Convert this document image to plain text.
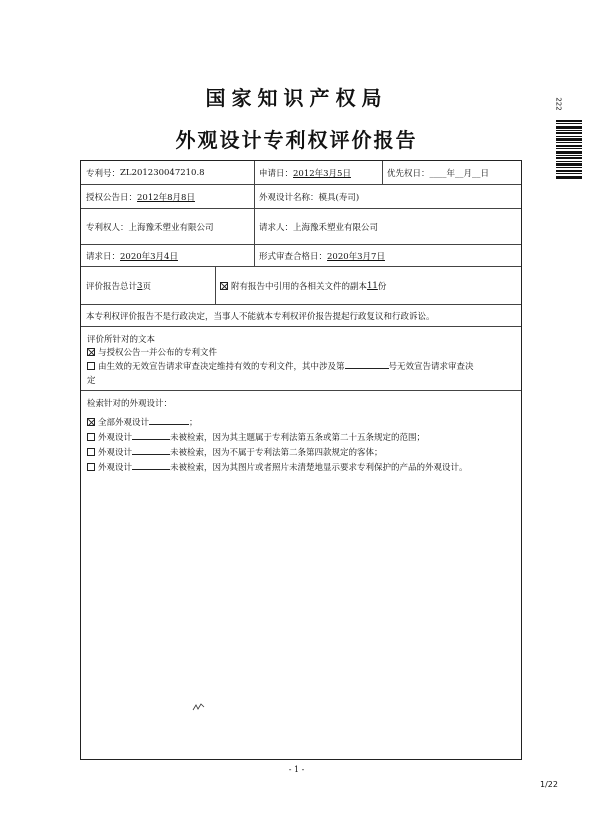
国家知识产权局
外观设计专利权评价报告
222
专利号： ZL201230047210.8	申请日： 2012年3月5日	优先权日： ____年__月__日
授权公告日： 2012年8月8日	外观设计名称： 模具(寿司)
专利权人： 上海豫禾塑业有限公司	请求人： 上海豫禾塑业有限公司
请求日： 2020年3月4日	形式审查合格日： 2020年3月7日
评价报告总计 3 页	附有报告中引用的各相关文件的副本 11 份
本专利权评价报告不是行政决定，当事人不能就本专利权评价报告提起行政复议和行政诉讼。
评价所针对的文本
与授权公告一并公布的专利文件
由生效的无效宣告请求审查决定维持有效的专利文件，其中涉及第	号无效宣告请求审查决
定
检索针对的外观设计：
全部外观设计	；
外观设计	未被检索，因为其主题属于专利法第五条或第二十五条规定的范围；
外观设计	未被检索，因为不属于专利法第二条第四款规定的客体；
外观设计	未被检索，因为其图片或者照片未清楚地显示要求专利保护的产品的外观设计。
- 1 -
1/22
